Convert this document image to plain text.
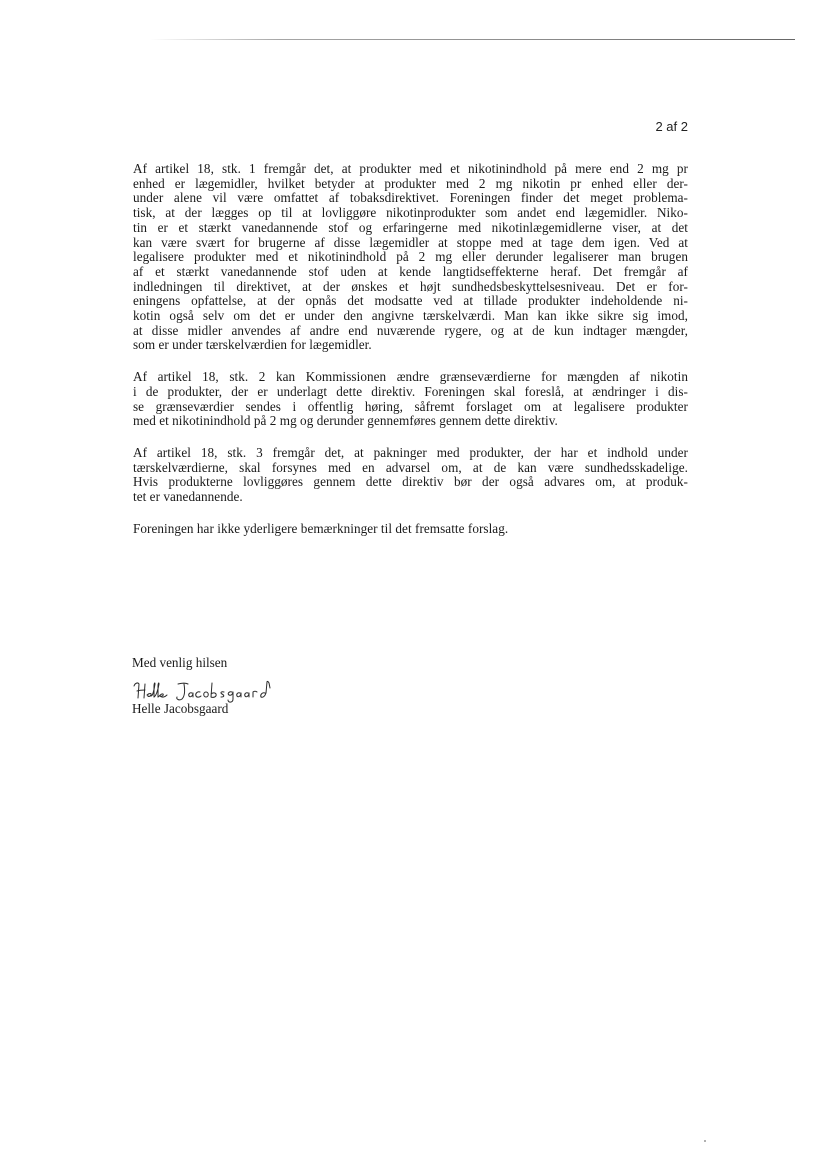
2 af 2
Af artikel 18, stk. 1 fremgår det, at produkter med et nikotinindhold på mere end 2 mg pr
enhed er lægemidler, hvilket betyder at produkter med 2 mg nikotin pr enhed eller der-
under alene vil være omfattet af tobaksdirektivet. Foreningen finder det meget problema-
tisk, at der lægges op til at lovliggøre nikotinprodukter som andet end lægemidler. Niko-
tin er et stærkt vanedannende stof og erfaringerne med nikotinlægemidlerne viser, at det
kan være svært for brugerne af disse lægemidler at stoppe med at tage dem igen. Ved at
legalisere produkter med et nikotinindhold på 2 mg eller derunder legaliserer man brugen
af et stærkt vanedannende stof uden at kende langtidseffekterne heraf. Det fremgår af
indledningen til direktivet, at der ønskes et højt sundhedsbeskyttelsesniveau. Det er for-
eningens opfattelse, at der opnås det modsatte ved at tillade produkter indeholdende ni-
kotin også selv om det er under den angivne tærskelværdi. Man kan ikke sikre sig imod,
at disse midler anvendes af andre end nuværende rygere, og at de kun indtager mængder,
som er under tærskelværdien for lægemidler.
Af artikel 18, stk. 2 kan Kommissionen ændre grænseværdierne for mængden af nikotin
i de produkter, der er underlagt dette direktiv. Foreningen skal foreslå, at ændringer i dis-
se grænseværdier sendes i offentlig høring, såfremt forslaget om at legalisere produkter
med et nikotinindhold på 2 mg og derunder gennemføres gennem dette direktiv.
Af artikel 18, stk. 3 fremgår det, at pakninger med produkter, der har et indhold under
tærskelværdierne, skal forsynes med en advarsel om, at de kan være sundhedsskadelige.
Hvis produkterne lovliggøres gennem dette direktiv bør der også advares om, at produk-
tet er vanedannende.
Foreningen har ikke yderligere bemærkninger til det fremsatte forslag.
Med venlig hilsen
Helle Jacobsgaard
